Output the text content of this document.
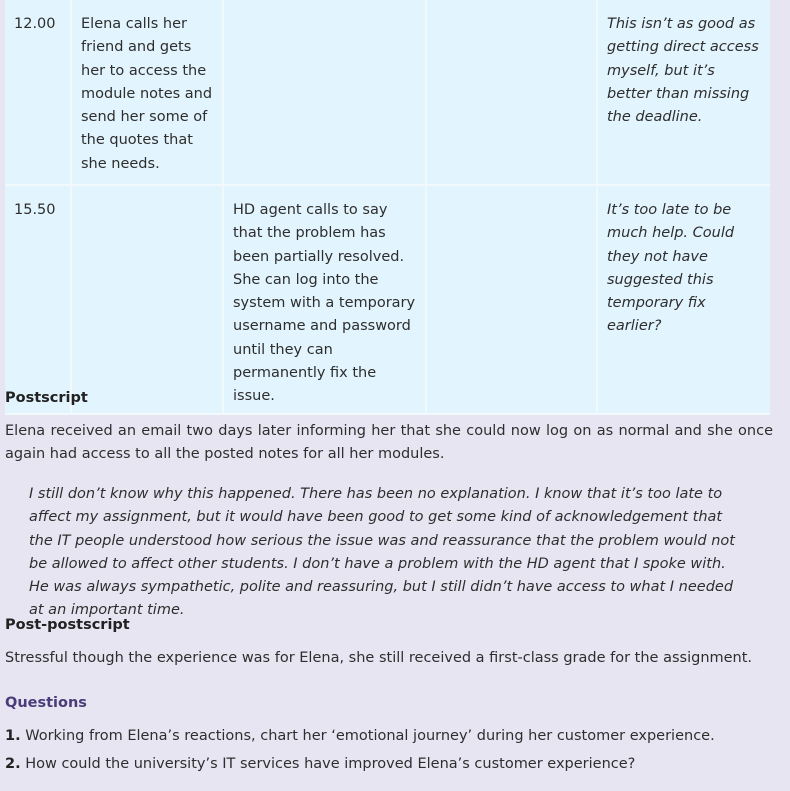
12.00	Elena calls her friend and gets her to access the module notes and send her some of the quotes that she needs.			This isn’t as good as getting direct access myself, but it’s better than missing the deadline.
15.50		HD agent calls to say that the problem has been partially resolved. She can log into the system with a temporary username and password until they can permanently fix the issue.		It’s too late to be much help. Could they not have suggested this temporary fix earlier?

Postscript

Elena received an email two days later informing her that she could now log on as normal and she once again had access to all the posted notes for all her modules.

I still don’t know why this happened. There has been no explanation. I know that it’s too late to affect my assignment, but it would have been good to get some kind of acknowledgement that the IT people understood how serious the issue was and reassurance that the problem would not be allowed to affect other students. I don’t have a problem with the HD agent that I spoke with. He was always sympathetic, polite and reassuring, but I still didn’t have access to what I needed at an important time.

Post-postscript

Stressful though the experience was for Elena, she still received a first-class grade for the assignment.

Questions

1. Working from Elena’s reactions, chart her ‘emotional journey’ during her customer experience.

2. How could the university’s IT services have improved Elena’s customer experience?
